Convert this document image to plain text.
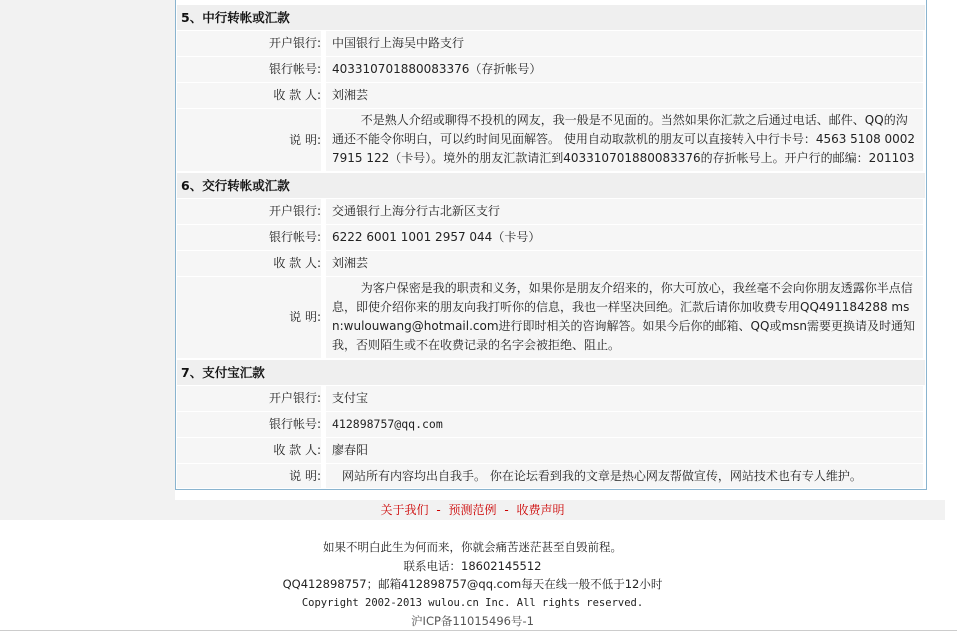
5、中行转帐或汇款
开户银行: 中国银行上海吴中路支行
银行帐号: 403310701880083376（存折帐号）
收 款 人: 刘湘芸
说 明:
不是熟人介绍或聊得不投机的网友，我一般是不见面的。当然如果你汇款之后通过电话、邮件、QQ的沟通还不能令你明白，可以约时间见面解答。 使用自动取款机的朋友可以直接转入中行卡号：4563 5108 0002 7915 122（卡号）。境外的朋友汇款请汇到403310701880083376的存折帐号上。开户行的邮编：201103
6、交行转帐或汇款
开户银行: 交通银行上海分行古北新区支行
银行帐号: 6222 6001 1001 2957 044（卡号）
收 款 人: 刘湘芸
说 明:
为客户保密是我的职责和义务，如果你是朋友介绍来的，你大可放心，我丝毫不会向你朋友透露你半点信息，即使介绍你来的朋友向我打听你的信息，我也一样坚决回绝。汇款后请你加收费专用QQ491184288 msn:wulouwang@hotmail.com进行即时相关的咨询解答。如果今后你的邮箱、QQ或msn需要更换请及时通知我，否则陌生或不在收费记录的名字会被拒绝、阻止。
7、支付宝汇款
开户银行: 支付宝
银行帐号: 412898757@qq.com
收 款 人: 廖春阳
说 明:	网站所有内容均出自我手。 你在论坛看到我的文章是热心网友帮做宣传，网站技术也有专人维护。
关于我们 - 预测范例 - 收费声明
如果不明白此生为何而来，你就会痛苦迷茫甚至自毁前程。
联系电话：18602145512
QQ412898757；邮箱412898757@qq.com每天在线一般不低于12小时
Copyright 2002-2013 wulou.cn Inc. All rights reserved.
沪ICP备11015496号-1
